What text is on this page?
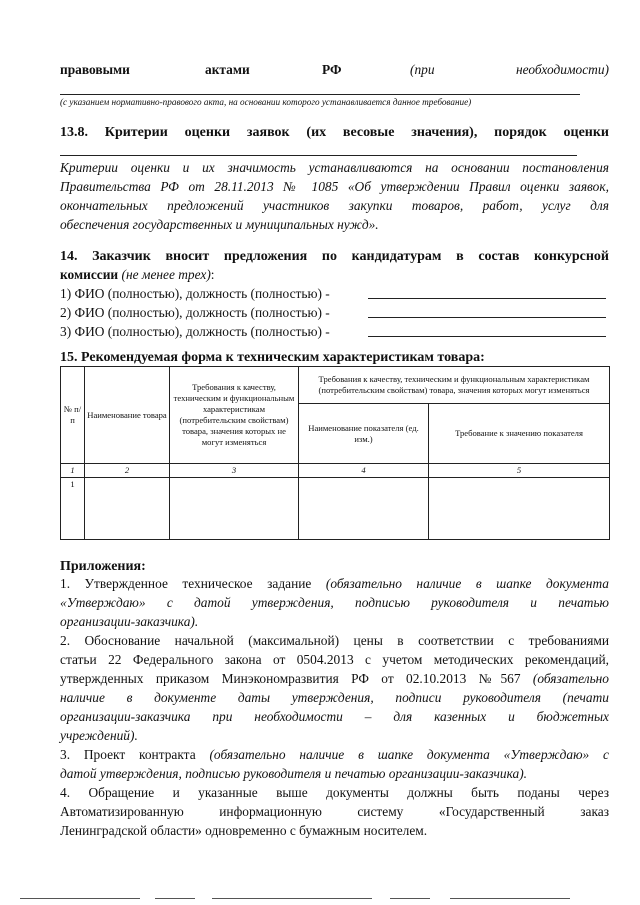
правовыми	актами	РФ	(при	необходимости)
(с указанием нормативно-правового акта, на основании которого устанавливается данное требование)
13.8. Критерии оценки заявок (их весовые значения), порядок оценки
Критерии оценки и их значимость устанавливаются на основании постановления
Правительства РФ от 28.11.2013 № 1085 «Об утверждении Правил оценки заявок,
окончательных предложений участников закупки товаров, работ, услуг для
обеспечения государственных и муниципальных нужд».
14. Заказчик вносит предложения по кандидатурам в состав конкурсной
комиссии (не менее трех):
1) ФИО (полностью), должность (полностью) -
2) ФИО (полностью), должность (полностью) -
3) ФИО (полностью), должность (полностью) -
15. Рекомендуемая форма к техническим характеристикам товара:
№ п/п	Наименование товара	Требования к качеству, техническим и функциональным характеристикам (потребительским свойствам) товара, значения которых не могут изменяться	Требования к качеству, техническим и функциональным характеристикам (потребительским свойствам) товара, значения которых могут изменяться	
			Наименование показателя (ед. изм.)	Требование к значению показателя
1	2	3	4	5
1				
Приложения:
1. Утвержденное техническое задание (обязательно наличие в шапке документа
«Утверждаю» с датой утверждения, подписью руководителя и печатью
организации-заказчика).
2. Обоснование начальной (максимальной) цены в соответствии с требованиями
статьи 22 Федерального закона от 0504.2013 с учетом методических рекомендаций,
утвержденных приказом Минэкономразвития РФ от 02.10.2013 №567 (обязательно
наличие в документе даты утверждения, подписи руководителя (печати
организации-заказчика при необходимости – для казенных и бюджетных
учреждений).
3. Проект контракта (обязательно наличие в шапке документа «Утверждаю» с
датой утверждения, подписью руководителя и печатью организации-заказчика).
4. Обращение и указанные выше документы должны быть поданы через
Автоматизированную информационную систему «Государственный заказ
Ленинградской области» одновременно с бумажным носителем.
